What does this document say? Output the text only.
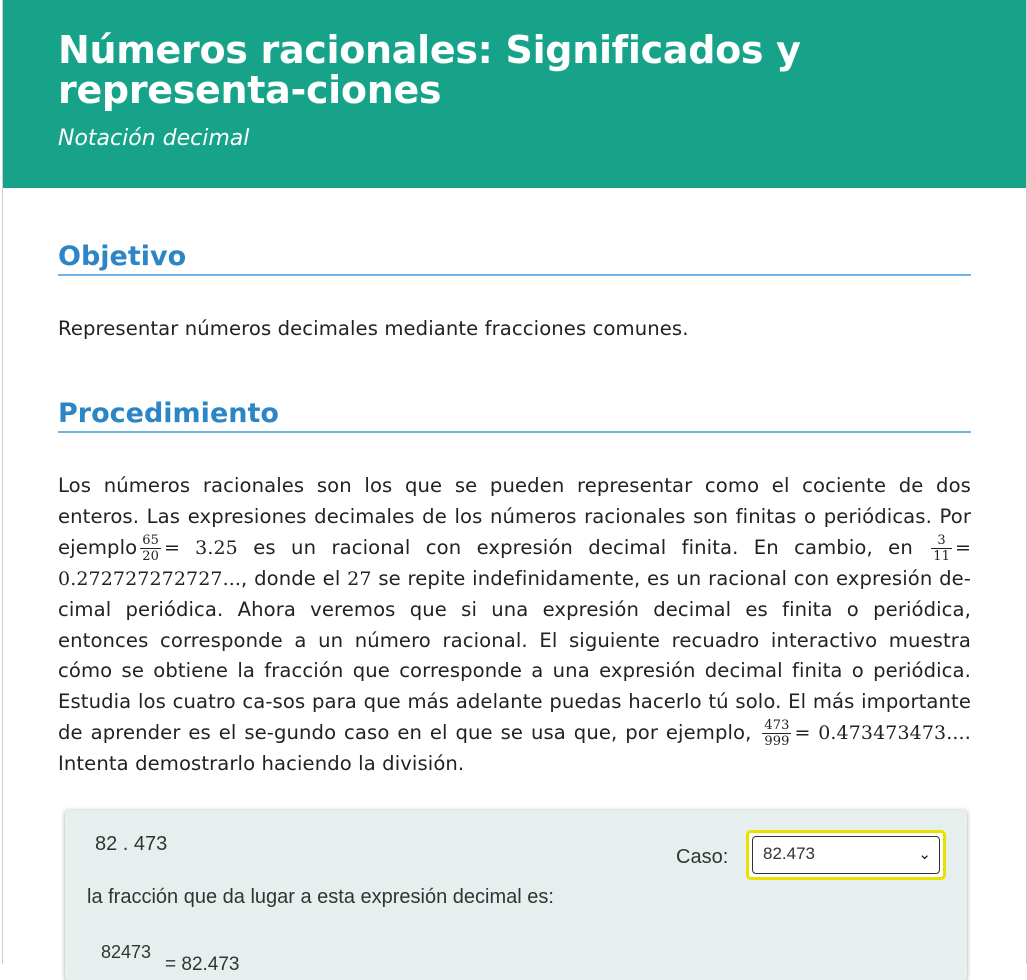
Números racionales: Significados y representa-ciones
Notación decimal
Objetivo

Representar números decimales mediante fracciones comunes.

Procedimiento

Los números racionales son los que se pueden representar como el cociente de dos enteros. Las expresiones decimales de los números racionales son finitas o periódicas. Por ejemplo $\frac{65}{20} = 3.25$ es un racional con expresión decimal finita. En cambio, en $\frac{3}{11} = 0.272727272727$..., donde el 27 se repite indefinidamente, es un racional con expresión de-cimal periódica. Ahora veremos que si una expresión decimal es finita o periódica, entonces corresponde a un número racional. El siguiente recuadro interactivo muestra cómo se obtiene la fracción que corresponde a una expresión decimal finita o periódica. Estudia los cuatro ca-sos para que más adelante puedas hacerlo tú solo. El más importante de aprender es el se-gundo caso en el que se usa que, por ejemplo, $\frac{473}{999} = 0.473473473$.... Intenta demostrarlo haciendo la división.

82 . 473
Caso:	82.473	⌄
la fracción que da lugar a esta expresión decimal es:
82473
= 82.473
